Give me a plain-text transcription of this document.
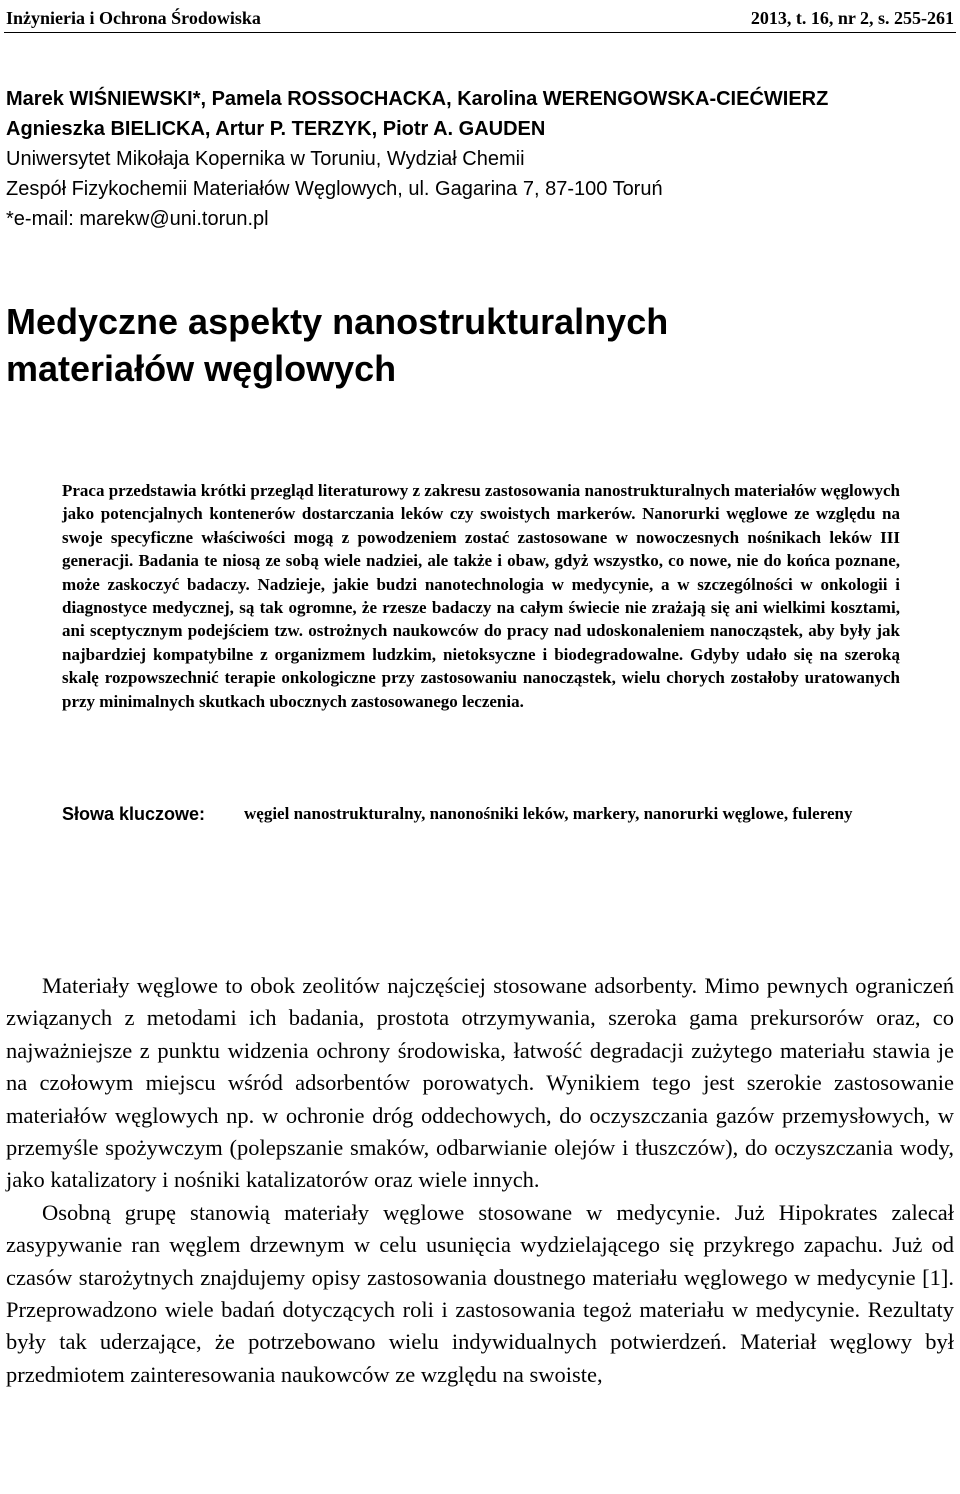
Inżynieria i Ochrona Środowiska	2013, t. 16, nr 2, s. 255-261
Marek WIŚNIEWSKI*, Pamela ROSSOCHACKA, Karolina WERENGOWSKA-CIEĆWIERZ
Agnieszka BIELICKA, Artur P. TERZYK, Piotr A. GAUDEN
Uniwersytet Mikołaja Kopernika w Toruniu, Wydział Chemii
Zespół Fizykochemii Materiałów Węglowych, ul. Gagarina 7, 87-100 Toruń
*e-mail: marekw@uni.torun.pl
Medyczne aspekty nanostrukturalnych
materiałów węglowych

Praca przedstawia krótki przegląd literaturowy z zakresu zastosowania nanostrukturalnych materiałów węglowych jako potencjalnych kontenerów dostarczania leków czy swoistych markerów. Nanorurki węglowe ze względu na swoje specyficzne właściwości mogą z powodzeniem zostać zastosowane w nowoczesnych nośnikach leków III generacji. Badania te niosą ze sobą wiele nadziei, ale także i obaw, gdyż wszystko, co nowe, nie do końca poznane, może zaskoczyć badaczy. Nadzieje, jakie budzi nanotechnologia w medycynie, a w szczególności w onkologii i diagnostyce medycznej, są tak ogromne, że rzesze badaczy na całym świecie nie zrażają się ani wielkimi kosztami, ani sceptycznym podejściem tzw. ostrożnych naukowców do pracy nad udoskonaleniem nanocząstek, aby były jak najbardziej kompatybilne z organizmem ludzkim, nietoksyczne i biodegradowalne. Gdyby udało się na szeroką skalę rozpowszechnić terapie onkologiczne przy zastosowaniu nanocząstek, wielu chorych zostałoby uratowanych przy minimalnych skutkach ubocznych zastosowanego leczenia.

Słowa kluczowe:	węgiel nanostrukturalny, nanonośniki leków, markery, nanorurki węglowe, fulereny

Materiały węglowe to obok zeolitów najczęściej stosowane adsorbenty. Mimo pewnych ograniczeń związanych z metodami ich badania, prostota otrzymywania, szeroka gama prekursorów oraz, co najważniejsze z punktu widzenia ochrony środowiska, łatwość degradacji zużytego materiału stawia je na czołowym miejscu wśród adsorbentów porowatych. Wynikiem tego jest szerokie zastosowanie materiałów węglowych np. w ochronie dróg oddechowych, do oczyszczania gazów przemysłowych, w przemyśle spożywczym (polepszanie smaków, odbarwianie olejów i tłuszczów), do oczyszczania wody, jako katalizatory i nośniki katalizatorów oraz wiele innych.

Osobną grupę stanowią materiały węglowe stosowane w medycynie. Już Hipokrates zalecał zasypywanie ran węglem drzewnym w celu usunięcia wydzielającego się przykrego zapachu. Już od czasów starożytnych znajdujemy opisy zastosowania doustnego materiału węglowego w medycynie [1]. Przeprowadzono wiele badań dotyczących roli i zastosowania tegoż materiału w medycynie. Rezultaty były tak uderzające, że potrzebowano wielu indywidualnych potwierdzeń. Materiał węglowy był przedmiotem zainteresowania naukowców ze względu na swoiste,
